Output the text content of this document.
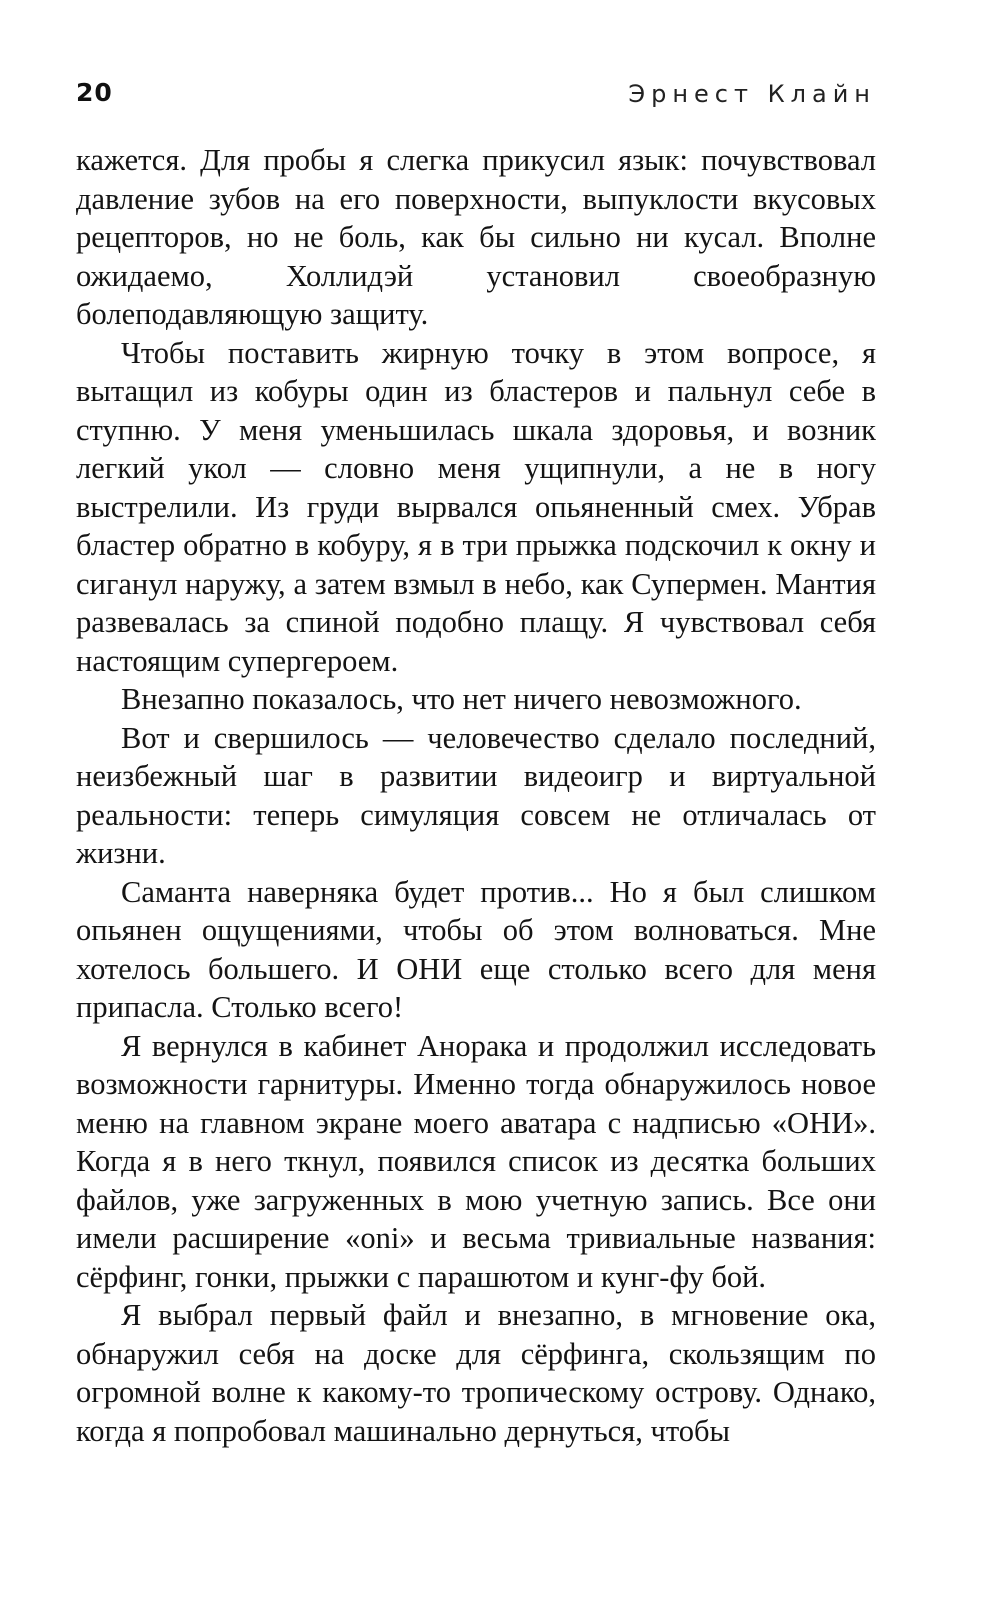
20	Эрнест Клайн

кажется. Для пробы я слегка прикусил язык: почувствовал давление зубов на его поверхности, выпуклости вкусовых рецепторов, но не боль, как бы сильно ни кусал. Вполне ожидаемо, Холлидэй установил своеобразную болеподавляющую защиту.

Чтобы поставить жирную точку в этом вопросе, я вытащил из кобуры один из бластеров и пальнул себе в ступню. У меня уменьшилась шкала здоровья, и возник легкий укол — словно меня ущипнули, а не в ногу выстрелили. Из груди вырвался опьяненный смех. Убрав бластер обратно в кобуру, я в три прыжка подскочил к окну и сиганул наружу, а затем взмыл в небо, как Супермен. Мантия развевалась за спиной подобно плащу. Я чувствовал себя настоящим супергероем.

Внезапно показалось, что нет ничего невозможного.

Вот и свершилось — человечество сделало последний, неизбежный шаг в развитии видеоигр и виртуальной реальности: теперь симуляция совсем не отличалась от жизни.

Саманта наверняка будет против... Но я был слишком опьянен ощущениями, чтобы об этом волноваться. Мне хотелось большего. И ОНИ еще столько всего для меня припасла. Столько всего!

Я вернулся в кабинет Анорака и продолжил исследовать возможности гарнитуры. Именно тогда обнаружилось новое меню на главном экране моего аватара с надписью «ОНИ». Когда я в него ткнул, появился список из десятка больших файлов, уже загруженных в мою учетную запись. Все они имели расширение «oni» и весьма тривиальные названия: сёрфинг, гонки, прыжки с парашютом и кунг-фу бой.

Я выбрал первый файл и внезапно, в мгновение ока, обнаружил себя на доске для сёрфинга, скользящим по огромной волне к какому-то тропическому острову. Однако, когда я попробовал машинально дернуться, чтобы
